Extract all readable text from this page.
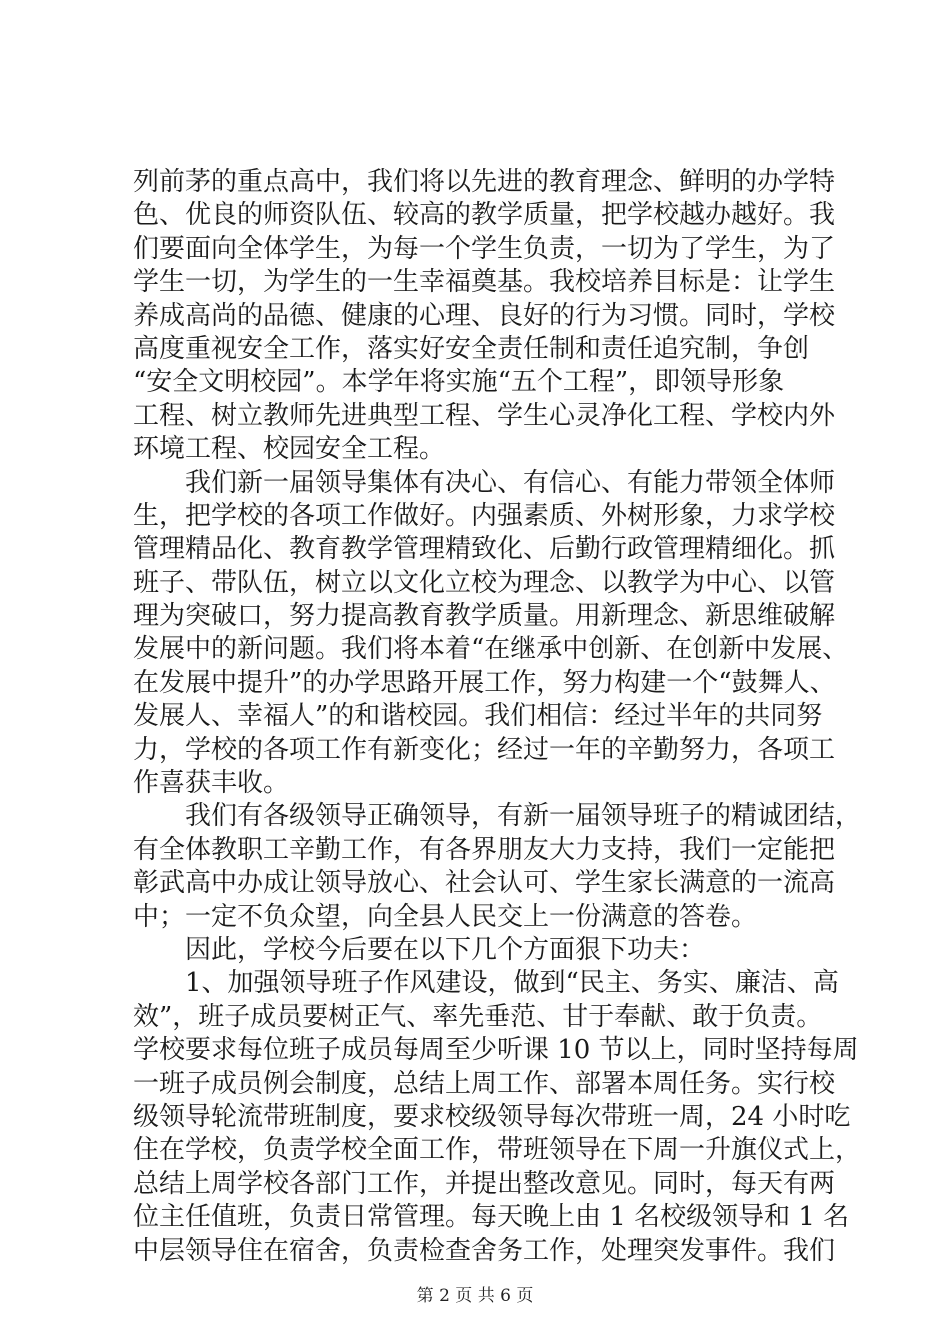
列前茅的重点高中，我们将以先进的教育理念、鲜明的办学特
色、优良的师资队伍、较高的教学质量，把学校越办越好。我
们要面向全体学生，为每一个学生负责，一切为了学生，为了
学生一切，为学生的一生幸福奠基。我校培养目标是：让学生
养成高尚的品德、健康的心理、良好的行为习惯。同时，学校
高度重视安全工作，落实好安全责任制和责任追究制，争创
“安全文明校园”。本学年将实施“五个工程”，即领导形象
工程、树立教师先进典型工程、学生心灵净化工程、学校内外
环境工程、校园安全工程。
　　我们新一届领导集体有决心、有信心、有能力带领全体师
生，把学校的各项工作做好。内强素质、外树形象，力求学校
管理精品化、教育教学管理精致化、后勤行政管理精细化。抓
班子、带队伍，树立以文化立校为理念、以教学为中心、以管
理为突破口，努力提高教育教学质量。用新理念、新思维破解
发展中的新问题。我们将本着“在继承中创新、在创新中发展、
在发展中提升”的办学思路开展工作，努力构建一个“鼓舞人、
发展人、幸福人”的和谐校园。我们相信：经过半年的共同努
力，学校的各项工作有新变化；经过一年的辛勤努力，各项工
作喜获丰收。
　　我们有各级领导正确领导，有新一届领导班子的精诚团结，
有全体教职工辛勤工作，有各界朋友大力支持，我们一定能把
彰武高中办成让领导放心、社会认可、学生家长满意的一流高
中；一定不负众望，向全县人民交上一份满意的答卷。
　　因此，学校今后要在以下几个方面狠下功夫：
　　1、加强领导班子作风建设，做到“民主、务实、廉洁、高
效”，班子成员要树正气、率先垂范、甘于奉献、敢于负责。
学校要求每位班子成员每周至少听课 10 节以上，同时坚持每周
一班子成员例会制度，总结上周工作、部署本周任务。实行校
级领导轮流带班制度，要求校级领导每次带班一周，24 小时吃
住在学校，负责学校全面工作，带班领导在下周一升旗仪式上，
总结上周学校各部门工作，并提出整改意见。同时，每天有两
位主任值班，负责日常管理。每天晚上由 1 名校级领导和 1 名
中层领导住在宿舍，负责检查舍务工作，处理突发事件。我们
第 2 页 共 6 页
